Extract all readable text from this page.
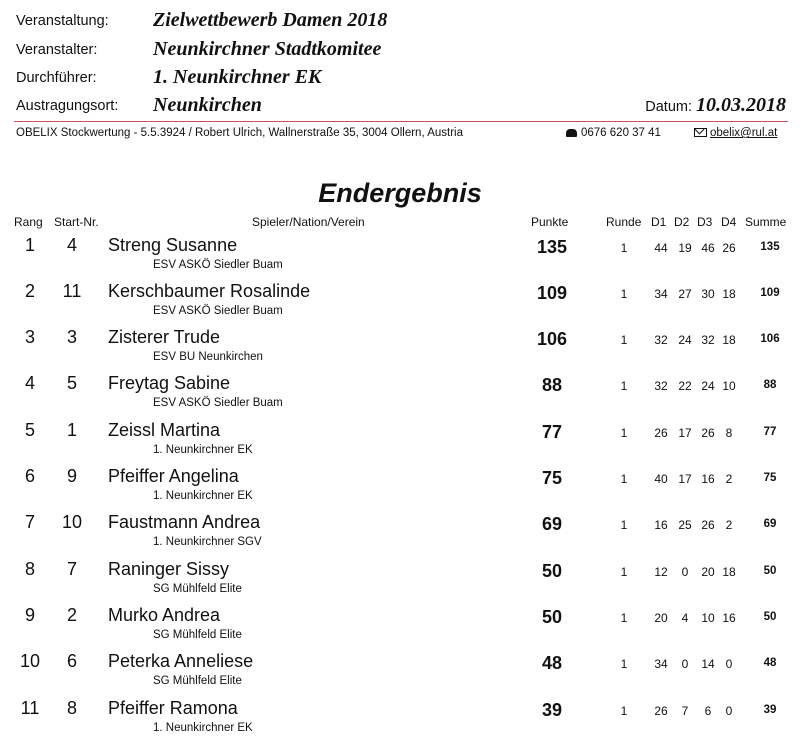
Veranstaltung: Zielwettbewerb Damen 2018
Veranstalter:	Neunkirchner Stadtkomitee
Durchführer:	1. Neunkirchner EK
Austragungsort: Neunkirchen	Datum: 10.03.2018
OBELIX Stockwertung - 5.5.3924 / Robert Ulrich, Wallnerstraße 35, 3004 Ollern, Austria	0676 620 37 41	obelix@rul.at
Endergebnis
Rang Start-Nr.	Spieler/Nation/Verein	Punkte	Runde D1 D2 D3 D4 Summe
1	4	Streng Susanne
ESV ASKÖ Siedler Buam
135	1	44 19 46 26	135
2	11	Kerschbaumer Rosalinde
ESV ASKÖ Siedler Buam
109	1	34 27 30 18	109
3	3	Zisterer Trude
ESV BU Neunkirchen
106	1	32 24 32 18	106
4	5	Freytag Sabine
ESV ASKÖ Siedler Buam
88	1	32 22 24 10	88
5	1	Zeissl Martina
1. Neunkirchner EK
77	1	26 17 26 8	77
6	9	Pfeiffer Angelina
1. Neunkirchner EK
75	1	40 17 16 2	75
7	10 Faustmann Andrea
1. Neunkirchner SGV
69	1	16 25 26 2	69
8	7	Raninger Sissy
SG Mühlfeld Elite
50	1	12	0	20 18	50
9	2	Murko Andrea
SG Mühlfeld Elite
50	1	20	4	10 16	50
10	6	Peterka Anneliese
SG Mühlfeld Elite
48	1	34	0	14 0	48
11	8	Pfeiffer Ramona
1. Neunkirchner EK
39	1	26	7	6	0	39
